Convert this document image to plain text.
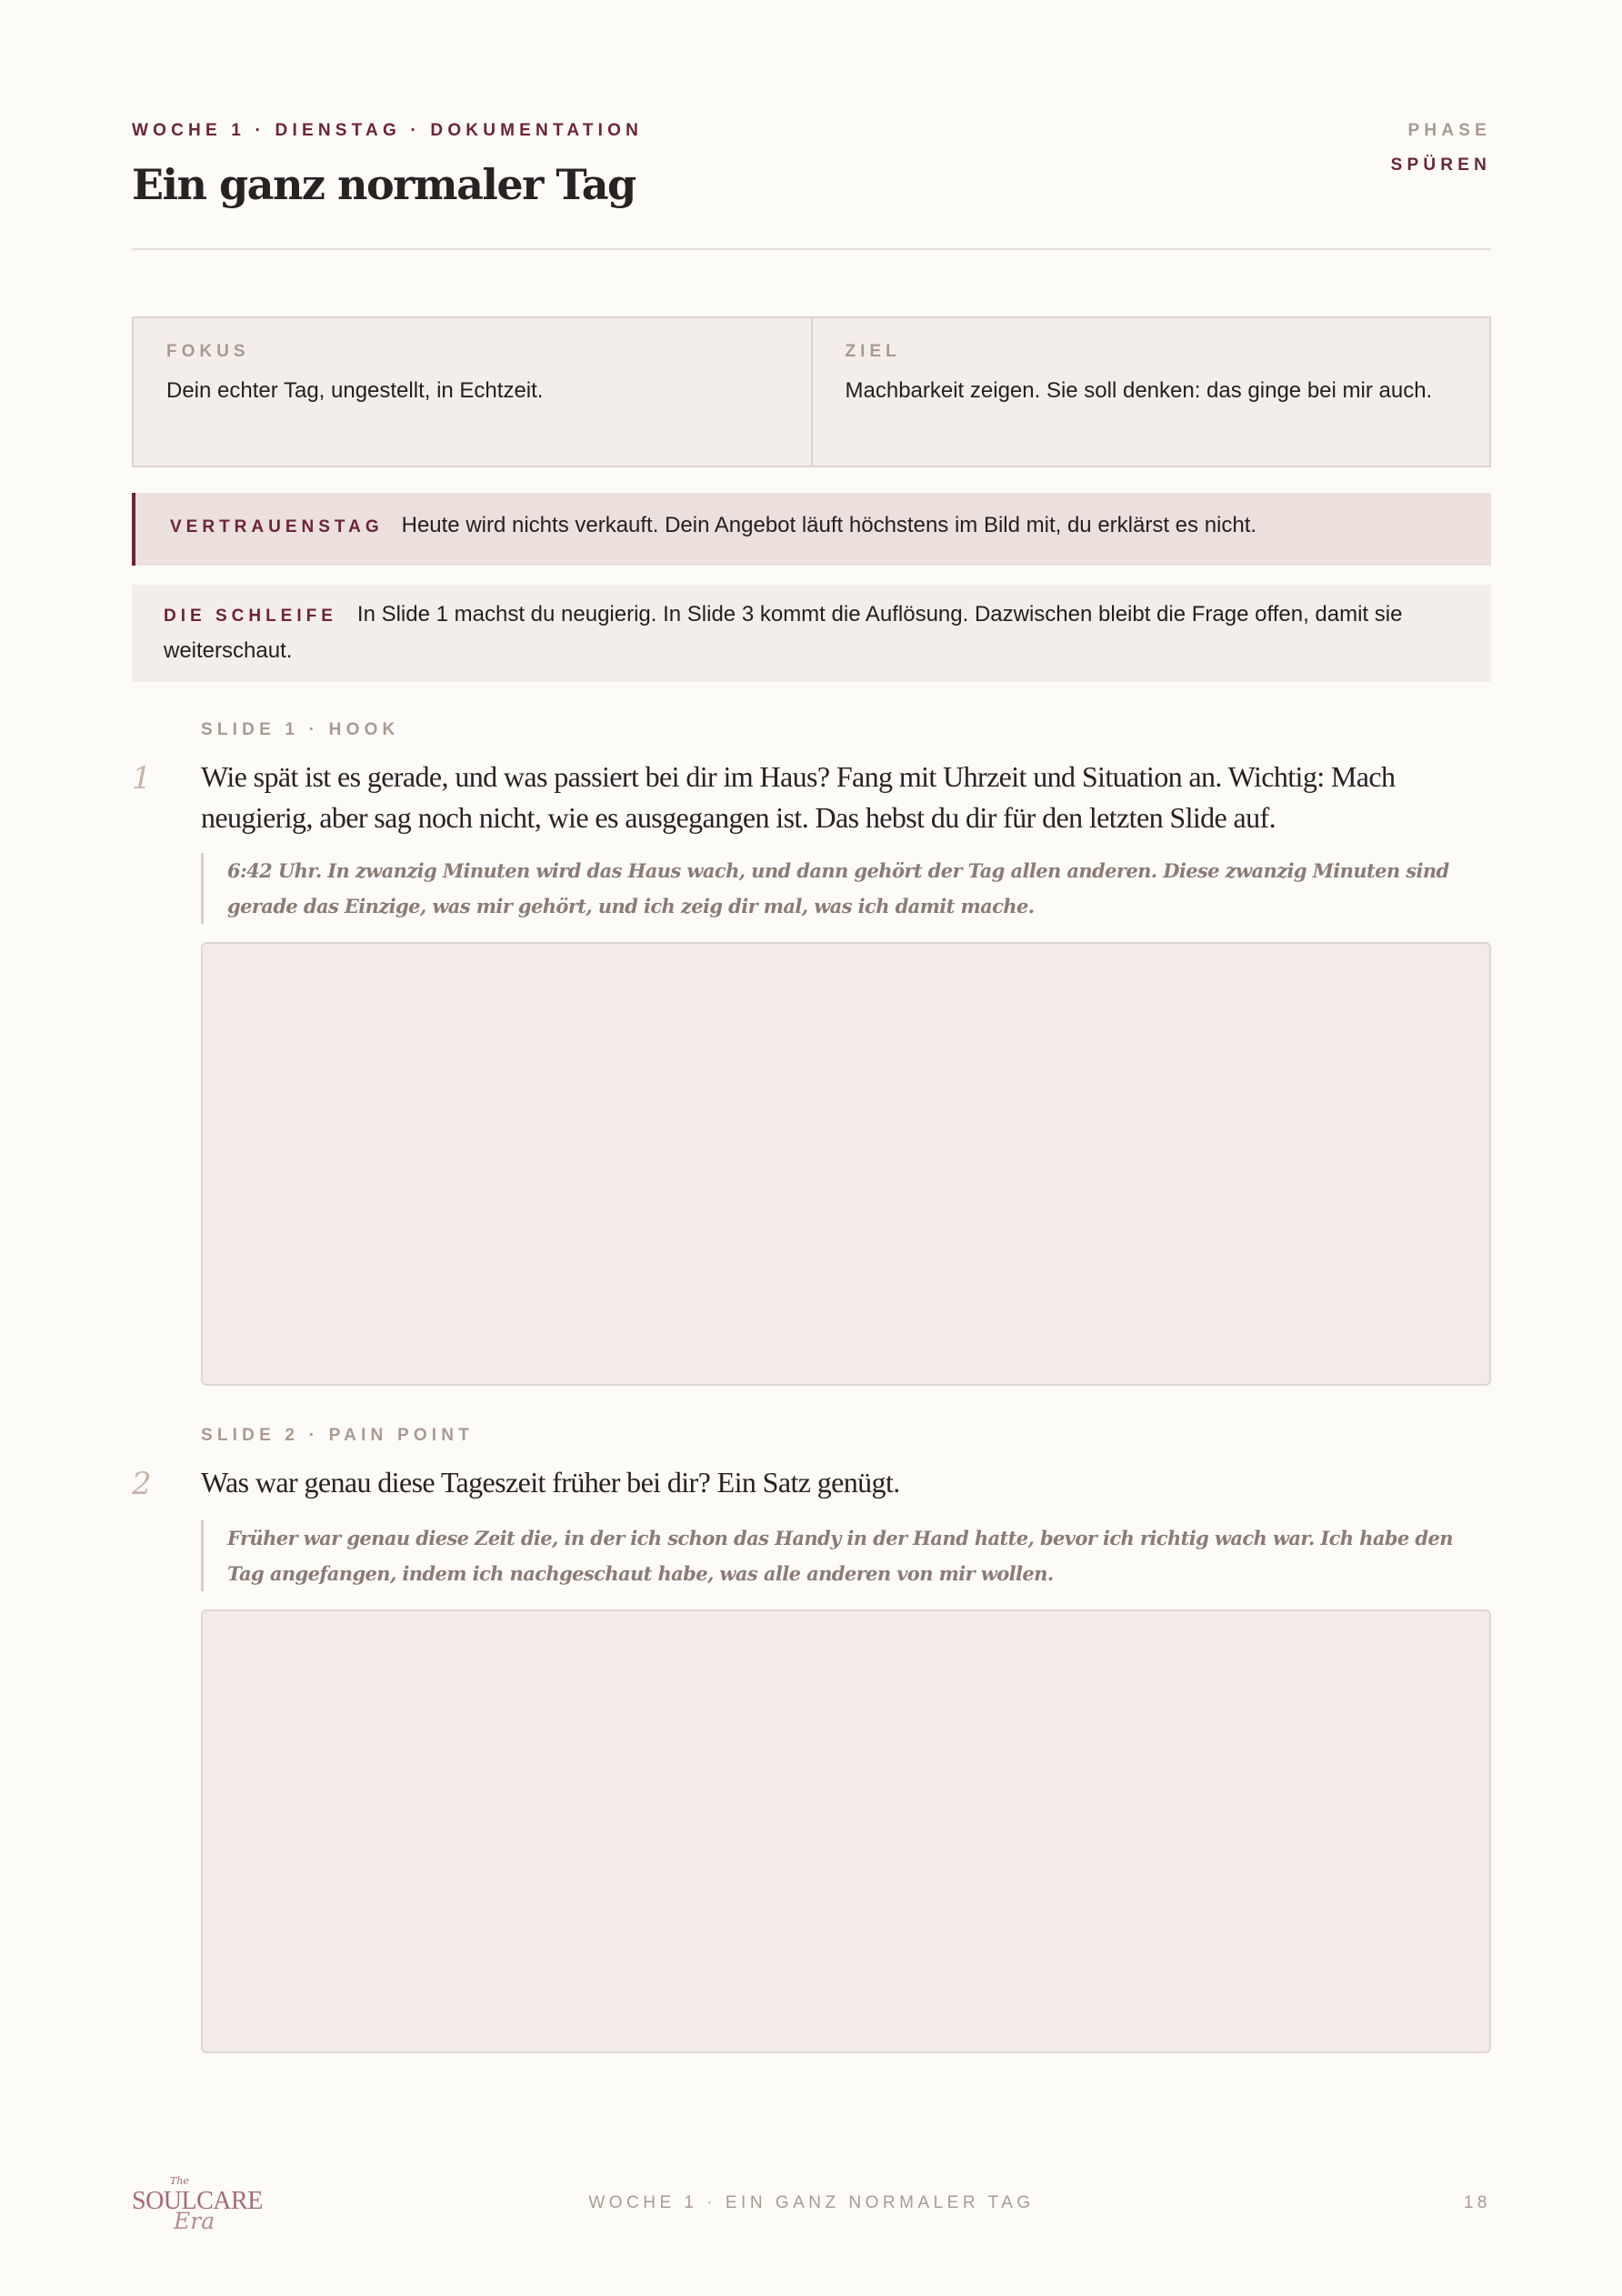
WOCHE 1 · DIENSTAG · DOKUMENTATION
Ein ganz normaler Tag
PHASE
SPÜREN
FOKUS
Dein echter Tag, ungestellt, in Echtzeit.
ZIEL
Machbarkeit zeigen. Sie soll denken: das ginge bei mir auch.
VERTRAUENSTAG Heute wird nichts verkauft. Dein Angebot läuft höchstens im Bild mit, du erklärst es nicht.
DIE SCHLEIFE In Slide 1 machst du neugierig. In Slide 3 kommt die Auflösung. Dazwischen bleibt die Frage offen, damit sie weiterschaut.
SLIDE 1 · HOOK
1 Wie spät ist es gerade, und was passiert bei dir im Haus? Fang mit Uhrzeit und Situation an. Wichtig: Mach neugierig, aber sag noch nicht, wie es ausgegangen ist. Das hebst du dir für den letzten Slide auf.
6:42 Uhr. In zwanzig Minuten wird das Haus wach, und dann gehört der Tag allen anderen. Diese zwanzig Minuten sind gerade das Einzige, was mir gehört, und ich zeig dir mal, was ich damit mache.
SLIDE 2 · PAIN POINT
2 Was war genau diese Tageszeit früher bei dir? Ein Satz genügt.
Früher war genau diese Zeit die, in der ich schon das Handy in der Hand hatte, bevor ich richtig wach war. Ich habe den Tag angefangen, indem ich nachgeschaut habe, was alle anderen von mir wollen.
The
SOULCARE
Era
WOCHE 1 · EIN GANZ NORMALER TAG	18
